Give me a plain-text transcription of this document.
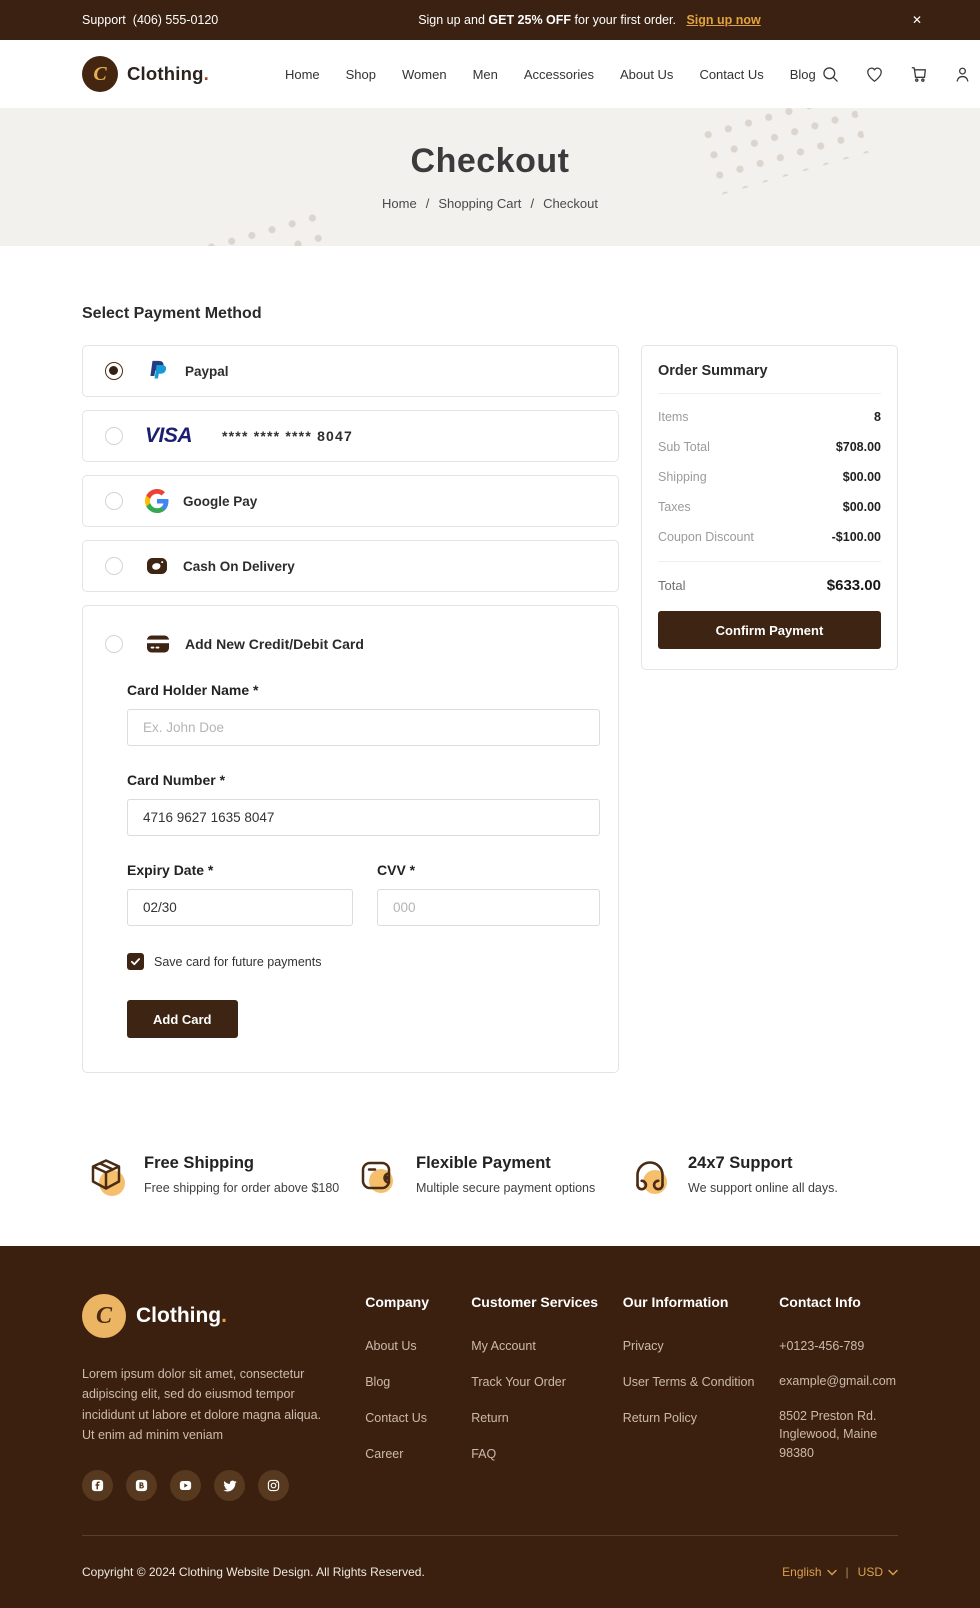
Support (406) 555-0120	Sign up and GET 25% OFF for your first order. Sign up now	✕
C Clothing.	Home Shop Women Men Accessories About Us Contact Us Blog
Checkout
Home / Shopping Cart / Checkout
Select Payment Method
Paypal
VISA **** **** **** 8047
Google Pay
Cash On Delivery
Add New Credit/Debit Card
Card Holder Name *
Ex. John Doe
Card Number *
4716 9627 1635 8047
Expiry Date *
02/30	CVV *
000
Save card for future payments
Add Card
Order Summary
Items	8
Sub Total	$708.00
Shipping	$00.00
Taxes	$00.00
Coupon Discount	-$100.00
Total	$633.00
Confirm Payment
Free Shipping
Free shipping for order above $180
Flexible Payment
Multiple secure payment options
24x7 Support
We support online all days.
C Clothing.

Lorem ipsum dolor sit amet, consectetur adipiscing elit, sed do eiusmod tempor incididunt ut labore et dolore magna aliqua. Ut enim ad minim veniam

Company
About Us
Blog
Contact Us
Career
Customer Services
My Account
Track Your Order
Return
FAQ
Our Information
Privacy
User Terms & Condition
Return Policy
Contact Info
+0123-456-789
example@gmail.com
8502 Preston Rd. Inglewood, Maine 98380
Copyright © 2024 Clothing Website Design. All Rights Reserved.	English | USD
